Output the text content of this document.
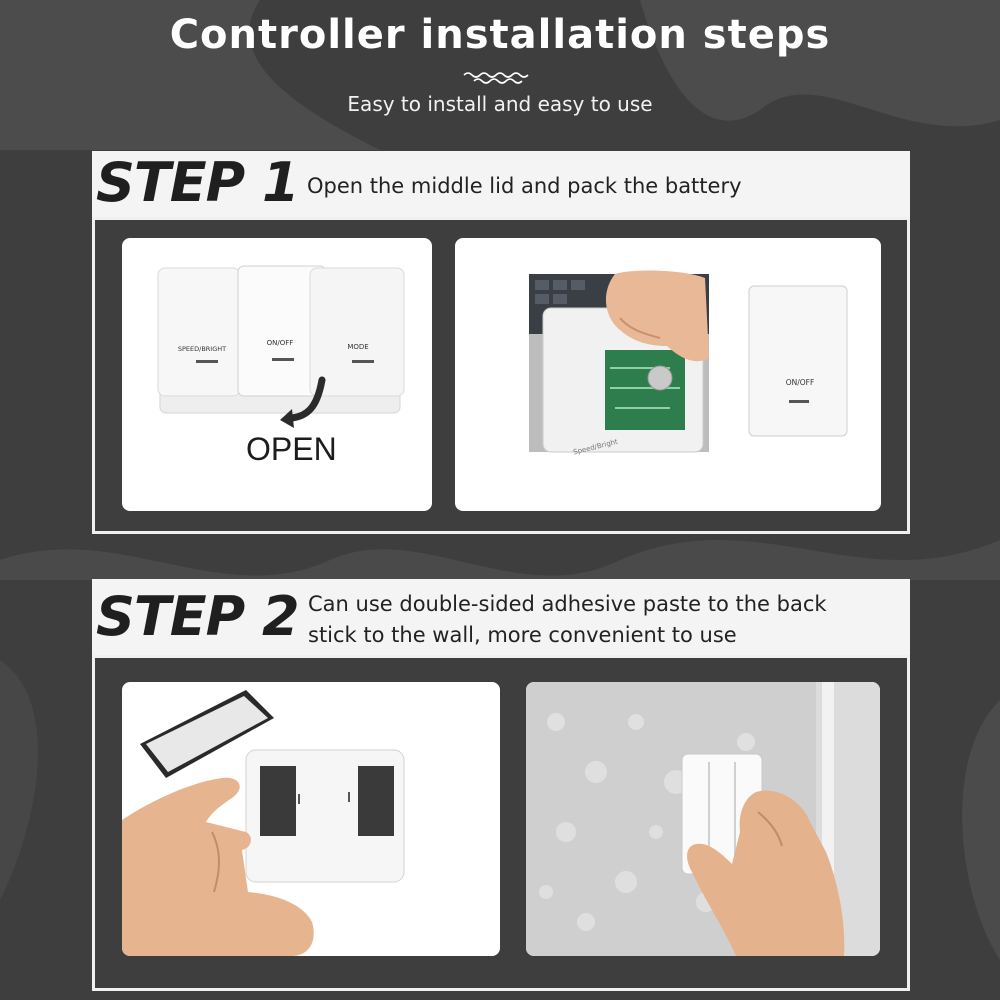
Controller installation steps
Easy to install and easy to use
STEP 1 Open the middle lid and pack the battery
SPEED/BRIGHT
ON/OFF	MODE
OPEN	Speed/Bright
ON/OFF
STEP 2 Can use double-sided adhesive paste to the back
stick to the wall, more convenient to use
